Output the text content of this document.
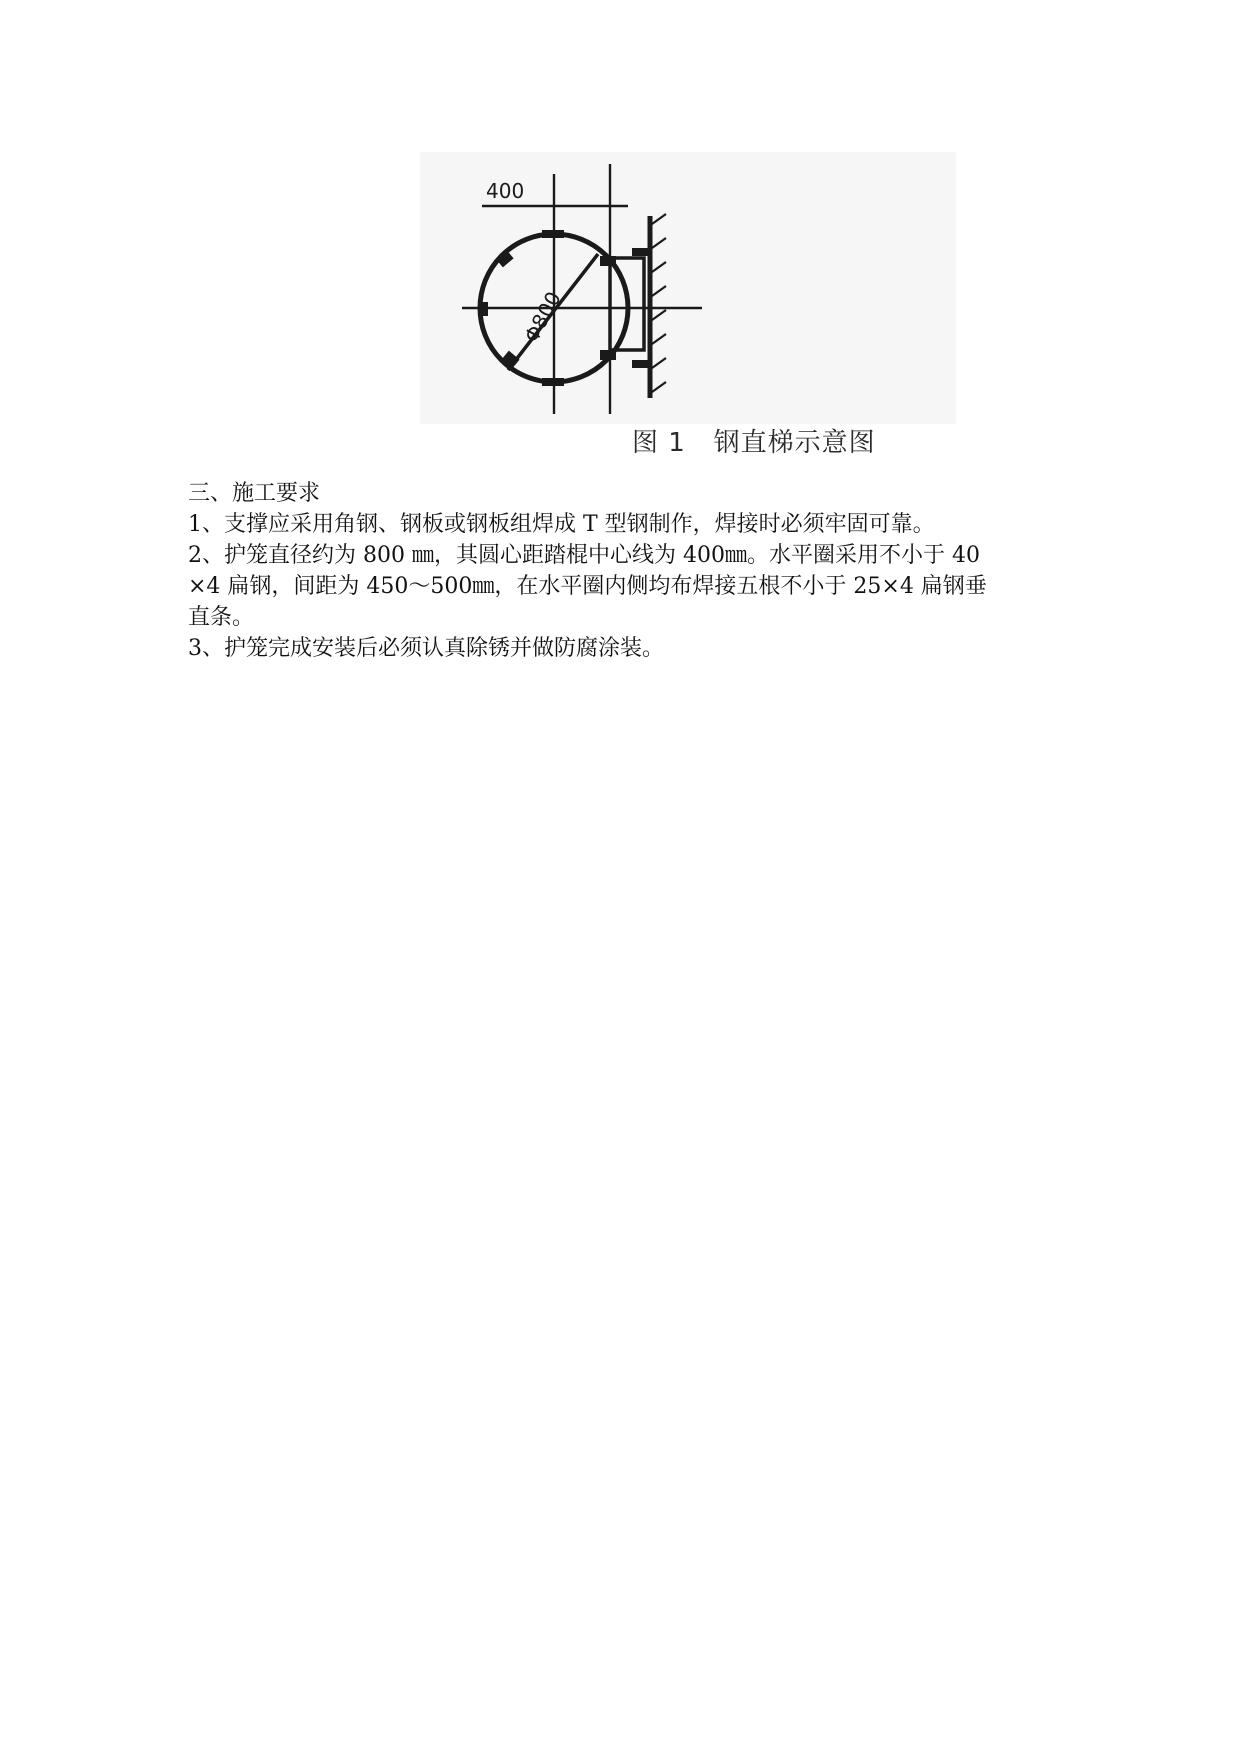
400
Φ800
图 1   钢直梯示意图

三、施工要求

1、支撑应采用角钢、钢板或钢板组焊成 T 型钢制作，焊接时必须牢固可靠。

2、护笼直径约为 800 ㎜，其圆心距踏棍中心线为 400㎜。水平圈采用不小于 40

×4 扁钢，间距为 450～500㎜，在水平圈内侧均布焊接五根不小于 25×4 扁钢垂

直条。

3、护笼完成安装后必须认真除锈并做防腐涂装。
